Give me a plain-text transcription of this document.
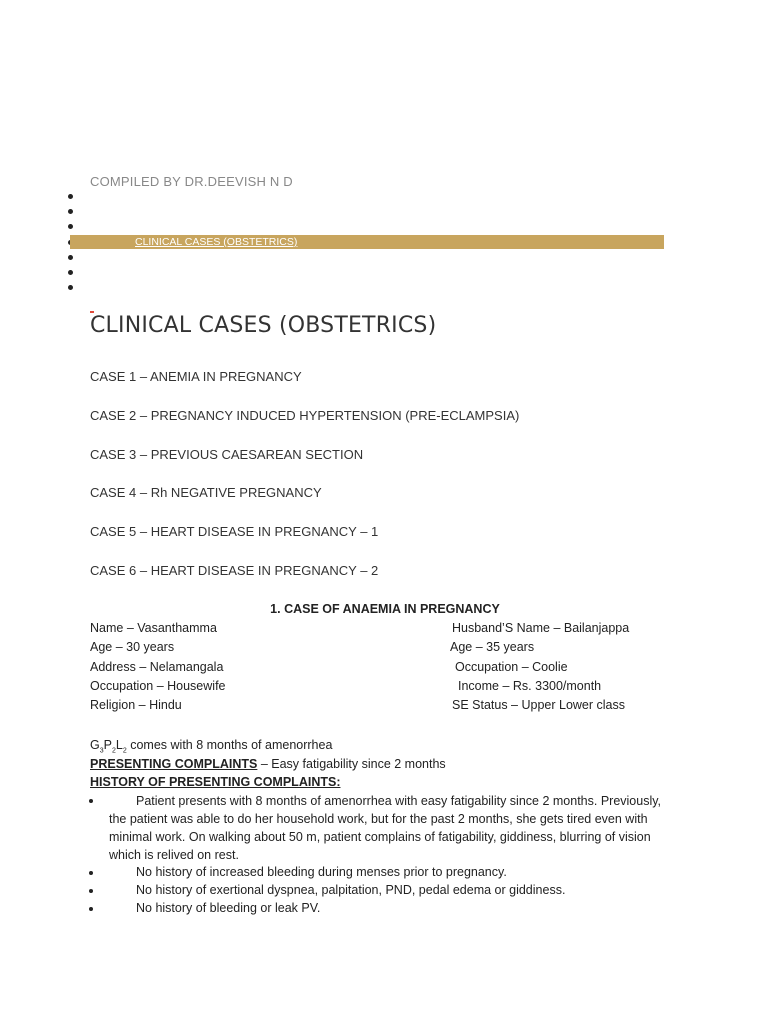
COMPILED BY DR.DEEVISH N D
CLINICAL CASES (OBSTETRICS)
CLINICAL CASES (OBSTETRICS)
CASE 1 – ANEMIA IN PREGNANCY
CASE 2 – PREGNANCY INDUCED HYPERTENSION (PRE-ECLAMPSIA)
CASE 3 – PREVIOUS CAESAREAN SECTION
CASE 4 – Rh NEGATIVE PREGNANCY
CASE 5 – HEART DISEASE IN PREGNANCY – 1
CASE 6 – HEART DISEASE IN PREGNANCY – 2
1. CASE OF ANAEMIA IN PREGNANCY
Name – Vasanthamma
Age – 30 years
Address – Nelamangala
Occupation – Housewife
Religion – Hindu
Husband’S Name – Bailanjappa
Age – 35 years
Occupation – Coolie
Income – Rs. 3300/month
SE Status – Upper Lower class
$G_3P_2L_2$ comes with 8 months of amenorrhea
PRESENTING COMPLAINTS – Easy fatigability since 2 months
HISTORY OF PRESENTING COMPLAINTS:
Patient presents with 8 months of amenorrhea with easy fatigability since 2 months. Previously, the patient was able to do her household work, but for the past 2 months, she gets tired even with minimal work. On walking about 50 m, patient complains of fatigability, giddiness, blurring of vision which is relived on rest.
No history of increased bleeding during menses prior to pregnancy.
No history of exertional dyspnea, palpitation, PND, pedal edema or giddiness.
No history of bleeding or leak PV.
